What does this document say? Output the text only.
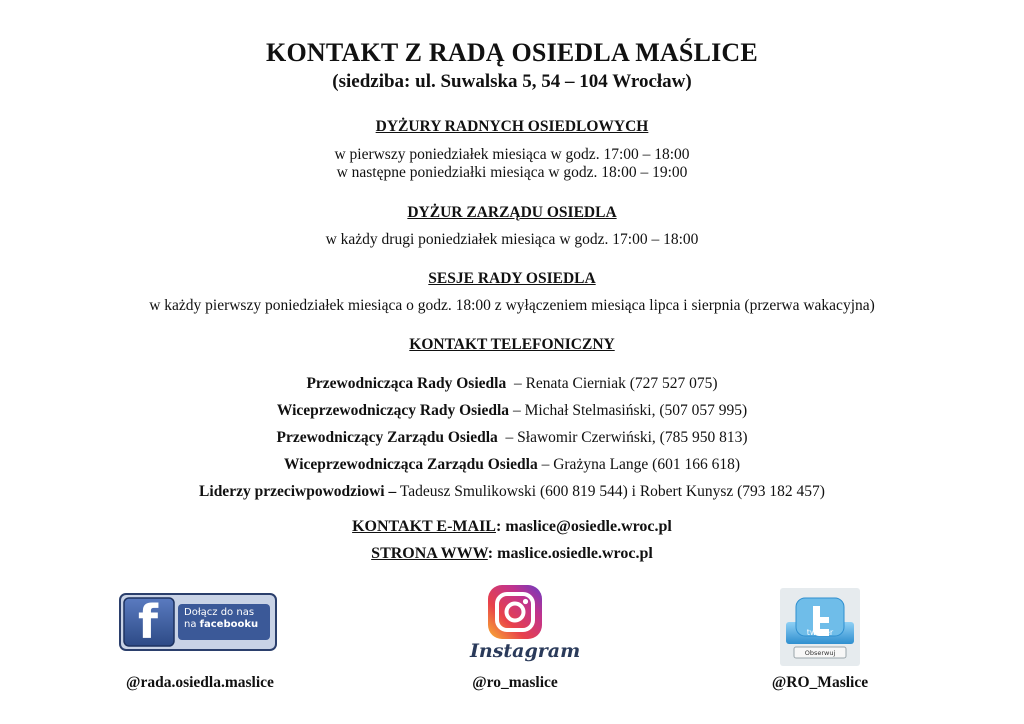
KONTAKT Z RADĄ OSIEDLA MAŚLICE
(siedziba: ul. Suwalska 5, 54 – 104 Wrocław)
DYŻURY RADNYCH OSIEDLOWYCH
w pierwszy poniedziałek miesiąca w godz. 17:00 – 18:00
w następne poniedziałki miesiąca w godz. 18:00 – 19:00
DYŻUR ZARZĄDU OSIEDLA
w każdy drugi poniedziałek miesiąca w godz. 17:00 – 18:00
SESJE RADY OSIEDLA
w każdy pierwszy poniedziałek miesiąca o godz. 18:00 z wyłączeniem miesiąca lipca i sierpnia (przerwa wakacyjna)
KONTAKT TELEFONICZNY
Przewodnicząca Rady Osiedla  – Renata Cierniak (727 527 075)
Wiceprzewodniczący Rady Osiedla – Michał Stelmasiński, (507 057 995)
Przewodniczący Zarządu Osiedla  – Sławomir Czerwiński, (785 950 813)
Wiceprzewodnicząca Zarządu Osiedla – Grażyna Lange (601 166 618)
Liderzy przeciwpowodziowi – Tadeusz Smulikowski (600 819 544) i Robert Kunysz (793 182 457)
KONTAKT E-MAIL: maslice@osiedle.wroc.pl
STRONA WWW: maslice.osiedle.wroc.pl
f	Dołącz do nas
na facebooku
Instagram
twitter
Obserwuj
@rada.osiedla.maslice	@ro_maslice	@RO_Maslice
